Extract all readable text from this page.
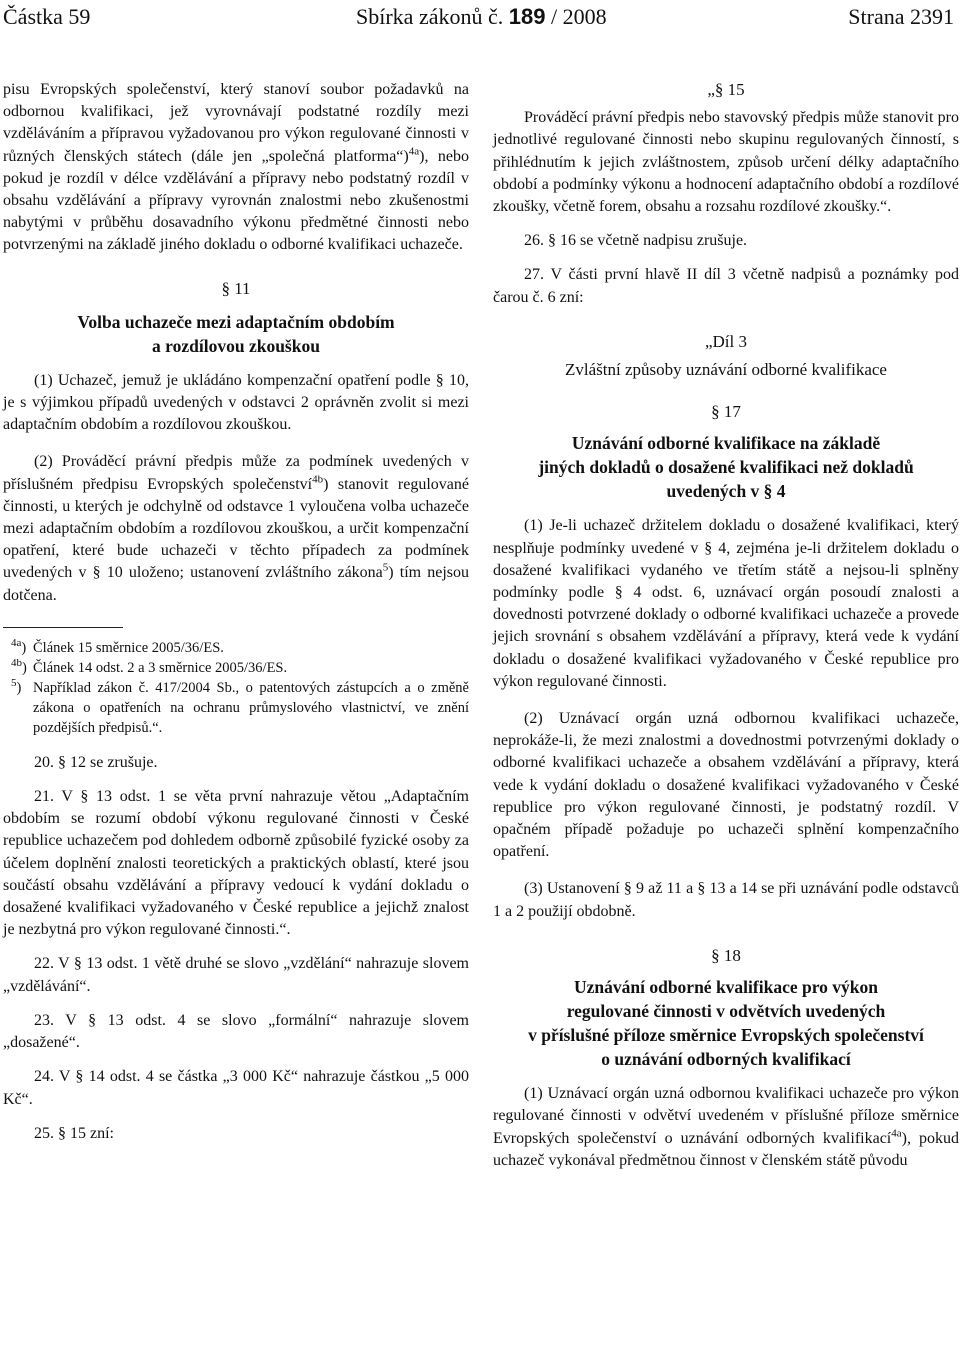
Částka 59	Sbírka zákonů č. 189 / 2008	Strana 2391

pisu Evropských společenství, který stanoví soubor požadavků na odbornou kvalifikaci, jež vyrovnávají podstatné rozdíly mezi vzděláváním a přípravou vyžadovanou pro výkon regulované činnosti v různých členských státech (dále jen „společná platforma“)$^{4a}$), nebo pokud je rozdíl v délce vzdělávání a přípravy nebo podstatný rozdíl v obsahu vzdělávání a přípravy vyrovnán znalostmi nebo zkušenostmi nabytými v průběhu dosavadního výkonu předmětné činnosti nebo potvrzenými na základě jiného dokladu o odborné kvalifikaci uchazeče.

§ 11

Volba uchazeče mezi adaptačním obdobím

a rozdílovou zkouškou

(1) Uchazeč, jemuž je ukládáno kompenzační opatření podle § 10, je s výjimkou případů uvedených v odstavci 2 oprávněn zvolit si mezi adaptačním obdobím a rozdílovou zkouškou.

(2) Prováděcí právní předpis může za podmínek uvedených v příslušném předpisu Evropských společenství$^{4b}$) stanovit regulované činnosti, u kterých je odchylně od odstavce 1 vyloučena volba uchazeče mezi adaptačním obdobím a rozdílovou zkouškou, a určit kompenzační opatření, které bude uchazeči v těchto případech za podmínek uvedených v § 10 uloženo; ustanovení zvláštního zákona$^5$) tím nejsou dotčena.

$^{4a}$) Článek 15 směrnice 2005/36/ES.

$^{4b}$) Článek 14 odst. 2 a 3 směrnice 2005/36/ES.

$^5$) Například zákon č. 417/2004 Sb., o patentových zástupcích a o změně zákona o opatřeních na ochranu průmyslového vlastnictví, ve znění pozdějších předpisů.“.

20. § 12 se zrušuje.

21. V § 13 odst. 1 se věta první nahrazuje větou „Adaptačním obdobím se rozumí období výkonu regulované činnosti v České republice uchazečem pod dohledem odborně způsobilé fyzické osoby za účelem doplnění znalosti teoretických a praktických oblastí, které jsou součástí obsahu vzdělávání a přípravy vedoucí k vydání dokladu o dosažené kvalifikaci vyžadovaného v České republice a jejichž znalost je nezbytná pro výkon regulované činnosti.“.

22. V § 13 odst. 1 větě druhé se slovo „vzdělání“ nahrazuje slovem „vzdělávání“.

23. V § 13 odst. 4 se slovo „formální“ nahrazuje slovem „dosažené“.

24. V § 14 odst. 4 se částka „3 000 Kč“ nahrazuje částkou „5 000 Kč“.

25. § 15 zní:

„§ 15

Prováděcí právní předpis nebo stavovský předpis může stanovit pro jednotlivé regulované činnosti nebo skupinu regulovaných činností, s přihlédnutím k jejich zvláštnostem, způsob určení délky adaptačního období a podmínky výkonu a hodnocení adaptačního období a rozdílové zkoušky, včetně forem, obsahu a rozsahu rozdílové zkoušky.“.

26. § 16 se včetně nadpisu zrušuje.

27. V části první hlavě II díl 3 včetně nadpisů a poznámky pod čarou č. 6 zní:

„Díl 3

Zvláštní způsoby uznávání odborné kvalifikace

§ 17

Uznávání odborné kvalifikace na základě

jiných dokladů o dosažené kvalifikaci než dokladů

uvedených v § 4

(1) Je-li uchazeč držitelem dokladu o dosažené kvalifikaci, který nesplňuje podmínky uvedené v § 4, zejména je-li držitelem dokladu o dosažené kvalifikaci vydaného ve třetím státě a nejsou-li splněny podmínky podle § 4 odst. 6, uznávací orgán posoudí znalosti a dovednosti potvrzené doklady o odborné kvalifikaci uchazeče a provede jejich srovnání s obsahem vzdělávání a přípravy, která vede k vydání dokladu o dosažené kvalifikaci vyžadovaného v České republice pro výkon regulované činnosti.

(2) Uznávací orgán uzná odbornou kvalifikaci uchazeče, neprokáže-li, že mezi znalostmi a dovednostmi potvrzenými doklady o odborné kvalifikaci uchazeče a obsahem vzdělávání a přípravy, která vede k vydání dokladu o dosažené kvalifikaci vyžadovaného v České republice pro výkon regulované činnosti, je podstatný rozdíl. V opačném případě požaduje po uchazeči splnění kompenzačního opatření.

(3) Ustanovení § 9 až 11 a § 13 a 14 se při uznávání podle odstavců 1 a 2 použijí obdobně.

§ 18

Uznávání odborné kvalifikace pro výkon

regulované činnosti v odvětvích uvedených

v příslušné příloze směrnice Evropských společenství

o uznávání odborných kvalifikací

(1) Uznávací orgán uzná odbornou kvalifikaci uchazeče pro výkon regulované činnosti v odvětví uvedeném v příslušné příloze směrnice Evropských společenství o uznávání odborných kvalifikací$^{4a}$), pokud uchazeč vykonával předmětnou činnost v členském státě původu
